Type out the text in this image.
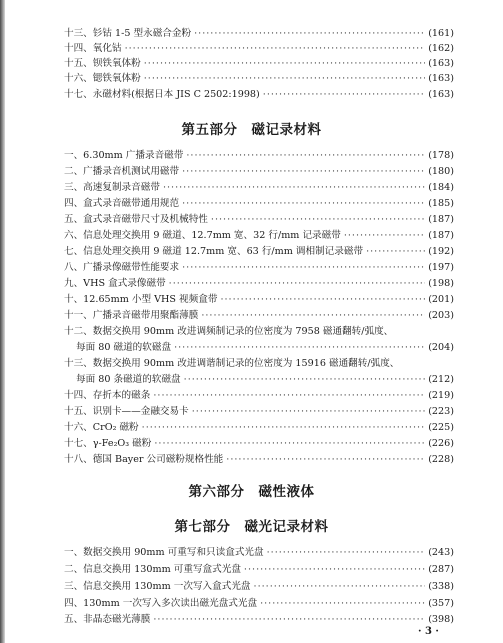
十三、钐钴 1-5 型永磁合金粉 ·····	(161)
十四、氧化钴 ·····	(162)
十五、钡铁氧体粉 ·····	(163)
十六、锶铁氧体粉 ·····	(163)
十七、永磁材料(根据日本 JIS C 2502:1998) ·····	(163)
第五部分　磁记录材料
一、6.30mm 广播录音磁带 ·····	(178)
二、广播录音机测试用磁带 ·····	(180)
三、高速复制录音磁带 ·····	(184)
四、盒式录音磁带通用规范 ·····	(185)
五、盒式录音磁带尺寸及机械特性 ·····	(187)
六、信息处理交换用 9 磁道、12.7mm 宽、32 行/mm 记录磁带 ·····	(187)
七、信息处理交换用 9 磁道 12.7mm 宽、63 行/mm 调相制记录磁带 ·····	(192)
八、广播录像磁带性能要求 ·····	(197)
九、VHS 盒式录像磁带 ·····	(198)
十、12.65mm 小型 VHS 视频盒带 ·····	(201)
十一、广播录音磁带用聚酯薄膜 ·····	(203)
十二、数据交换用 90mm 改进调频制记录的位密度为 7958 磁通翻转/弧度、
每面 80 磁道的软磁盘 ·····	(204)
十三、数据交换用 90mm 改进调谐制记录的位密度为 15916 磁通翻转/弧度、
每面 80 条磁道的软磁盘 ·····	(212)
十四、存折本的磁条 ·····	(219)
十五、识别卡——金融交易卡 ·····	(223)
十六、CrO₂ 磁粉 ·····	(225)
十七、γ-Fe₂O₃ 磁粉 ·····	(226)
十八、德国 Bayer 公司磁粉规格性能 ·····	(228)
第六部分　磁性液体
第七部分　磁光记录材料
一、数据交换用 90mm 可重写和只读盒式光盘 ·····	(243)
二、信息交换用 130mm 可重写盒式光盘 ·····	(287)
三、信息交换用 130mm 一次写入盒式光盘 ·····	(338)
四、130mm 一次写入多次读出磁光盘式光盘 ·····	(357)
五、非晶态磁光薄膜 ·····	(398)
· 3 ·
